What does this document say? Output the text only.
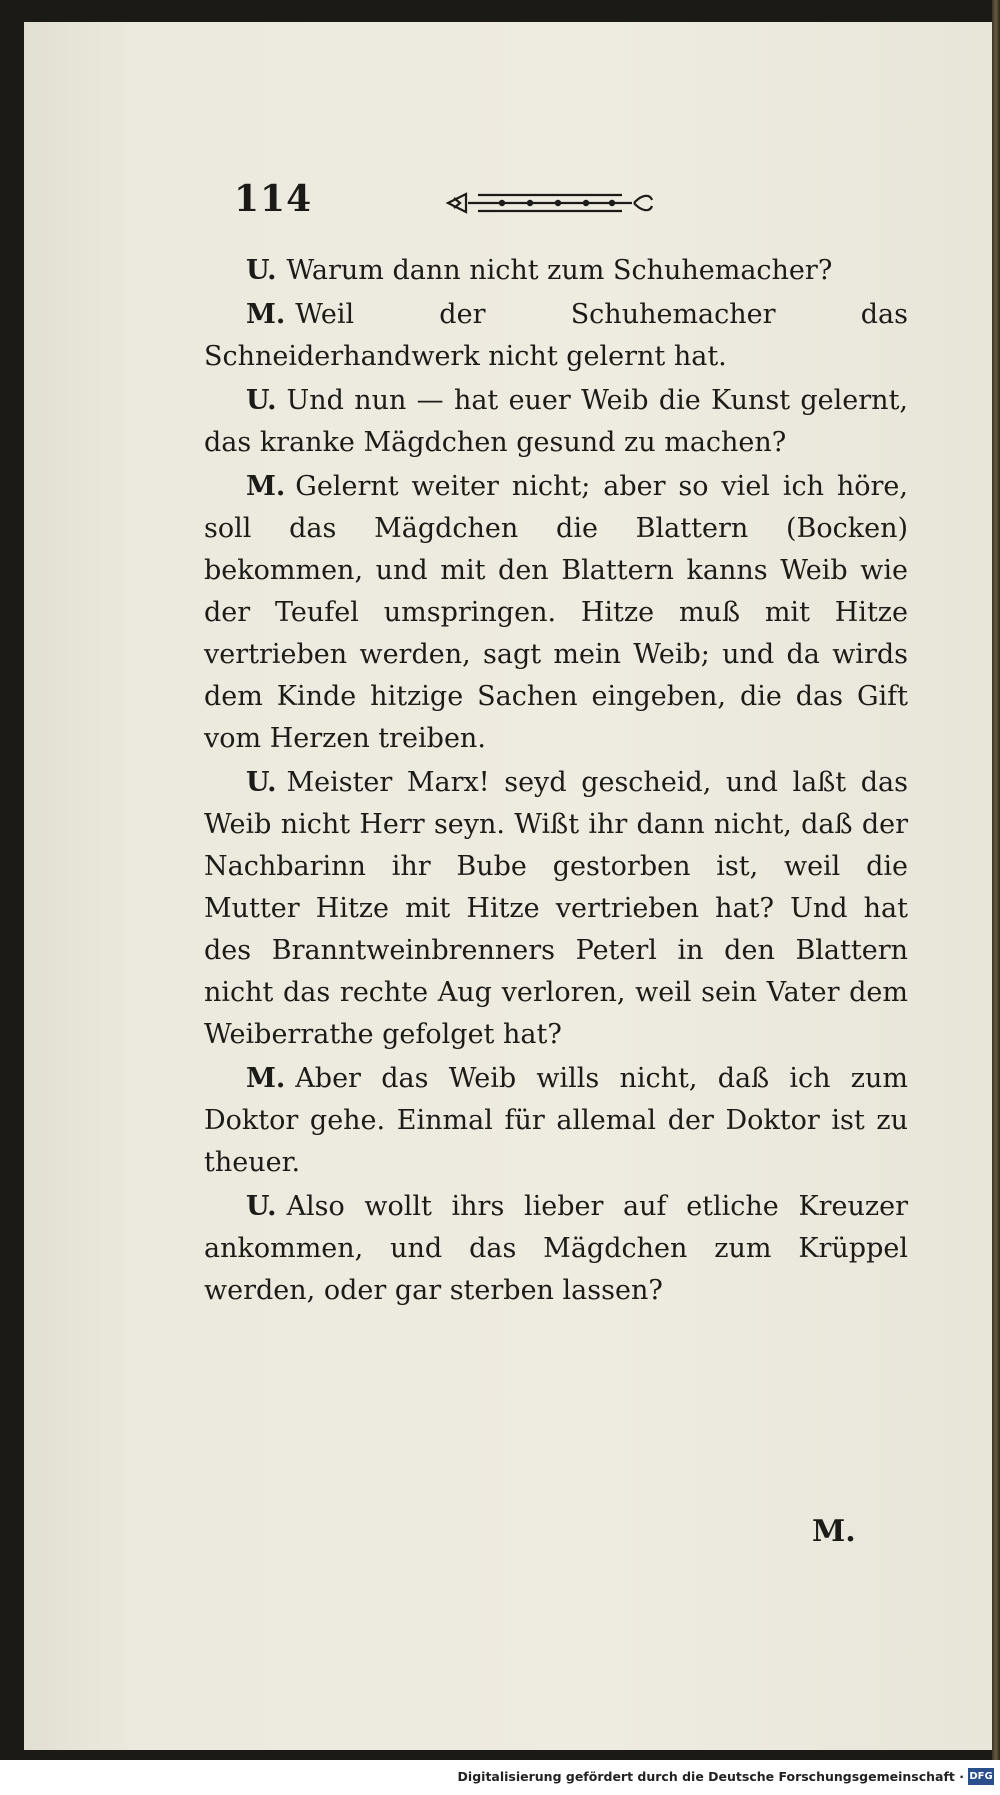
114

U. Warum dann nicht zum Schuhemacher?

M. Weil der Schuhemacher das Schneiderhandwerk nicht gelernt hat.

U. Und nun — hat euer Weib die Kunst gelernt, das kranke Mägdchen gesund zu machen?

M. Gelernt weiter nicht; aber so viel ich höre, soll das Mägdchen die Blattern (Bocken) bekommen, und mit den Blattern kanns Weib wie der Teufel umspringen. Hitze muß mit Hitze vertrieben werden, sagt mein Weib; und da wirds dem Kinde hitzige Sachen eingeben, die das Gift vom Herzen treiben.

U. Meister Marx! seyd gescheid, und laßt das Weib nicht Herr seyn. Wißt ihr dann nicht, daß der Nachbarinn ihr Bube gestorben ist, weil die Mutter Hitze mit Hitze vertrieben hat? Und hat des Branntweinbrenners Peterl in den Blattern nicht das rechte Aug verloren, weil sein Vater dem Weiberrathe gefolget hat?

M. Aber das Weib wills nicht, daß ich zum Doktor gehe. Einmal für allemal der Doktor ist zu theuer.

U. Also wollt ihrs lieber auf etliche Kreuzer ankommen, und das Mägdchen zum Krüppel werden, oder gar sterben lassen?

M.
Digitalisierung gefördert durch die Deutsche Forschungsgemeinschaft · DFG
